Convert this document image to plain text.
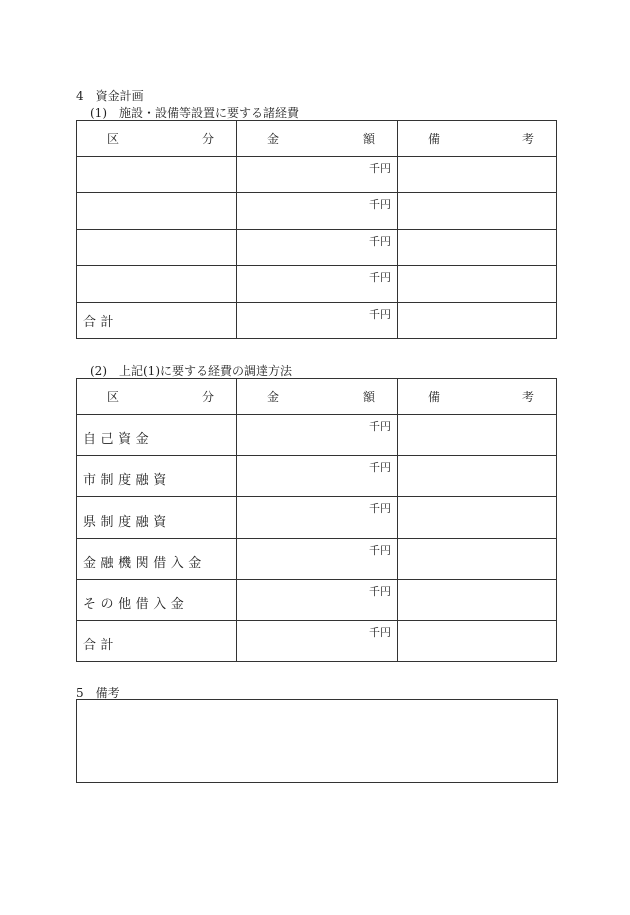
4　資金計画
(1)　施設・設備等設置に要する諸経費
区 分	金 額	備 考

	千円	

	千円	

	千円	

	千円	

合計	千円	

(2)　上記(1)に要する経費の調達方法
区 分	金 額	備 考

自己資金	千円	

市制度融資	千円	

県制度融資	千円	

金融機関借入金	千円	

その他借入金	千円	

合計	千円	

5　備考
